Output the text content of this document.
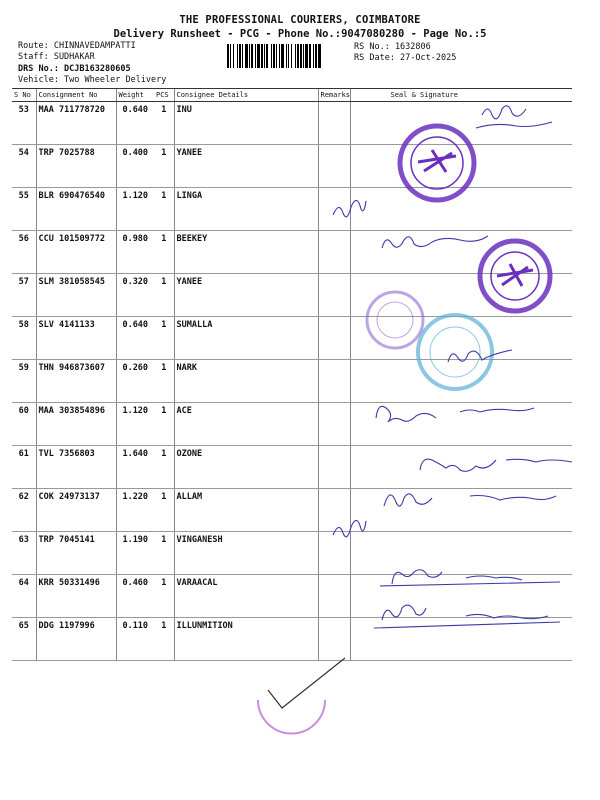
THE PROFESSIONAL COURIERS, COIMBATORE
Delivery Runsheet - PCG - Phone No.:9047080280 - Page No.:5
Route: CHINNAVEDAMPATTI
Staff: SUDHAKAR
DRS No.: DCJB163280605
Vehicle: Two Wheeler Delivery
RS No.: 1632806
RS Date: 27-Oct-2025
S No	Consignment No	Weight	PCS	Consignee Details	Remarks	Seal & Signature
53	MAA 711778720	0.640	1	INU		
54	TRP 7025788	0.400	1	YANEE		
55	BLR 690476540	1.120	1	LINGA		
56	CCU 101509772	0.980	1	BEEKEY		
57	SLM 381058545	0.320	1	YANEE		
58	SLV 4141133	0.640	1	SUMALLA		
59	THN 946873607	0.260	1	NARK		
60	MAA 303854896	1.120	1	ACE		
61	TVL 7356803	1.640	1	OZONE		
62	COK 24973137	1.220	1	ALLAM		
63	TRP 7045141	1.190	1	VINGANESH		
64	KRR 50331496	0.460	1	VARAACAL		
65	DDG 1197996	0.110	1	ILLUNMITION		
